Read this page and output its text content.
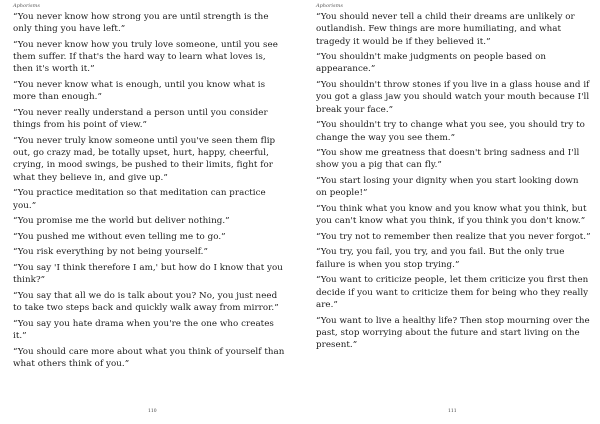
Aphorisms
“You never know how strong you are until strength is the only thing you have left.”
“You never know how you truly love someone, until you see them suffer. If that's the hard way to learn what loves is, then it's worth it.”
“You never know what is enough, until you know what is more than enough.”
“You never really understand a person until you consider things from his point of view.”
“You never truly know someone until you've seen them flip out, go crazy mad, be totally upset, hurt, happy, cheerful, crying, in mood swings, be pushed to their limits, fight for what they believe in, and give up.”
“You practice meditation so that meditation can practice you.”
“You promise me the world but deliver nothing.”
“You pushed me without even telling me to go.”
“You risk everything by not being yourself.”
“You say 'I think therefore I am,' but how do I know that you think?”
“You say that all we do is talk about you? No, you just need to take two steps back and quickly walk away from mirror.”
“You say you hate drama when you're the one who creates it.”
“You should care more about what you think of yourself than what others think of you.”
110
Aphorisms
“You should never tell a child their dreams are unlikely or outlandish. Few things are more humiliating, and what tragedy it would be if they believed it.”
“You shouldn't make judgments on people based on appearance.”
“You shouldn't throw stones if you live in a glass house and if you got a glass jaw you should watch your mouth because I'll break your face.”
“You shouldn't try to change what you see, you should try to change the way you see them.”
“You show me greatness that doesn't bring sadness and I'll show you a pig that can fly.”
“You start losing your dignity when you start looking down on people!”
“You think what you know and you know what you think, but you can't know what you think, if you think you don't know.”
“You try not to remember then realize that you never forgot.”
“You try, you fail, you try, and you fail. But the only true failure is when you stop trying.”
“You want to criticize people, let them criticize you first then decide if you want to criticize them for being who they really are.”
“You want to live a healthy life? Then stop mourning over the past, stop worrying about the future and start living on the present.”
111
